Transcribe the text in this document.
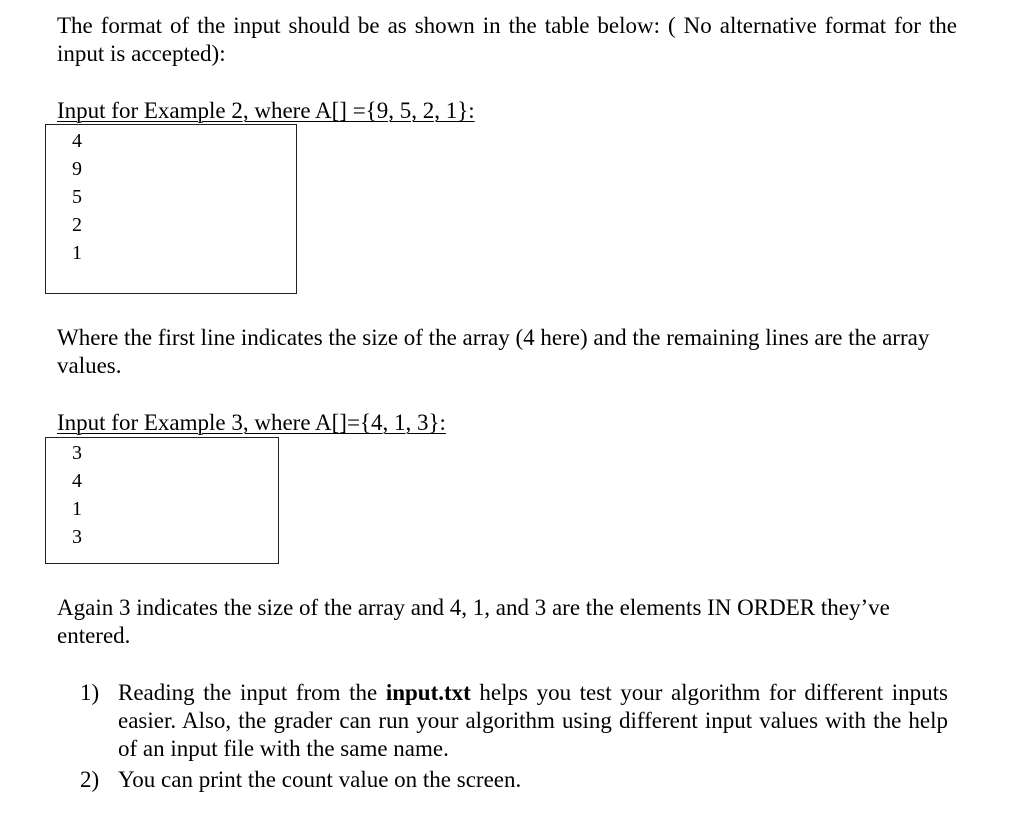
The format of the input should be as shown in the table below: ( No alternative format for the input is accepted):
Input for Example 2, where A[] ={9, 5, 2, 1}:
4
9
5
2
1
Where the first line indicates the size of the array (4 here) and the remaining lines are the array values.
Input for Example 3, where A[]={4, 1, 3}:
3
4
1
3
Again 3 indicates the size of the array and 4, 1, and 3 are the elements IN ORDER they’ve entered.
1) Reading the input from the input.txt helps you test your algorithm for different inputs easier. Also, the grader can run your algorithm using different input values with the help of an input file with the same name.
2) You can print the count value on the screen.
